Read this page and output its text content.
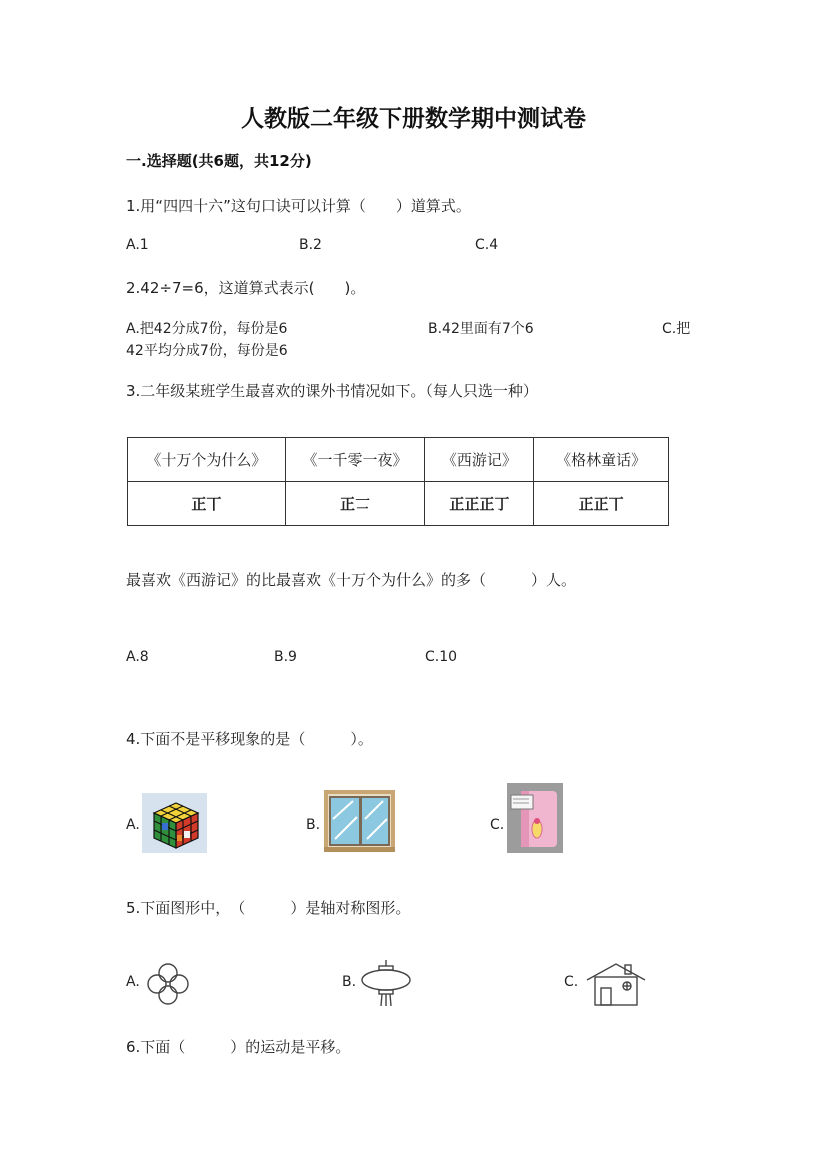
人教版二年级下册数学期中测试卷
一.选择题(共6题，共12分)
1.用“四四十六”这句口诀可以计算（　　）道算式。
A.1	B.2	C.4
2.42÷7=6，这道算式表示(　　)。
A.把42分成7份，每份是6	B.42里面有7个6	C.把
42平均分成7份，每份是6
3.二年级某班学生最喜欢的课外书情况如下。（每人只选一种）
《十万个为什么》	《一千零一夜》	《西游记》	《格林童话》
正丅	正𠄟	正正正丁	正正丅
最喜欢《西游记》的比最喜欢《十万个为什么》的多（　　　）人。
A.8	B.9	C.10
4.下面不是平移现象的是（　　　）。
A.	B.	C.
5.下面图形中，　（　　　）是轴对称图形。
A.	B.	C.
6.下面（　　　）的运动是平移。
